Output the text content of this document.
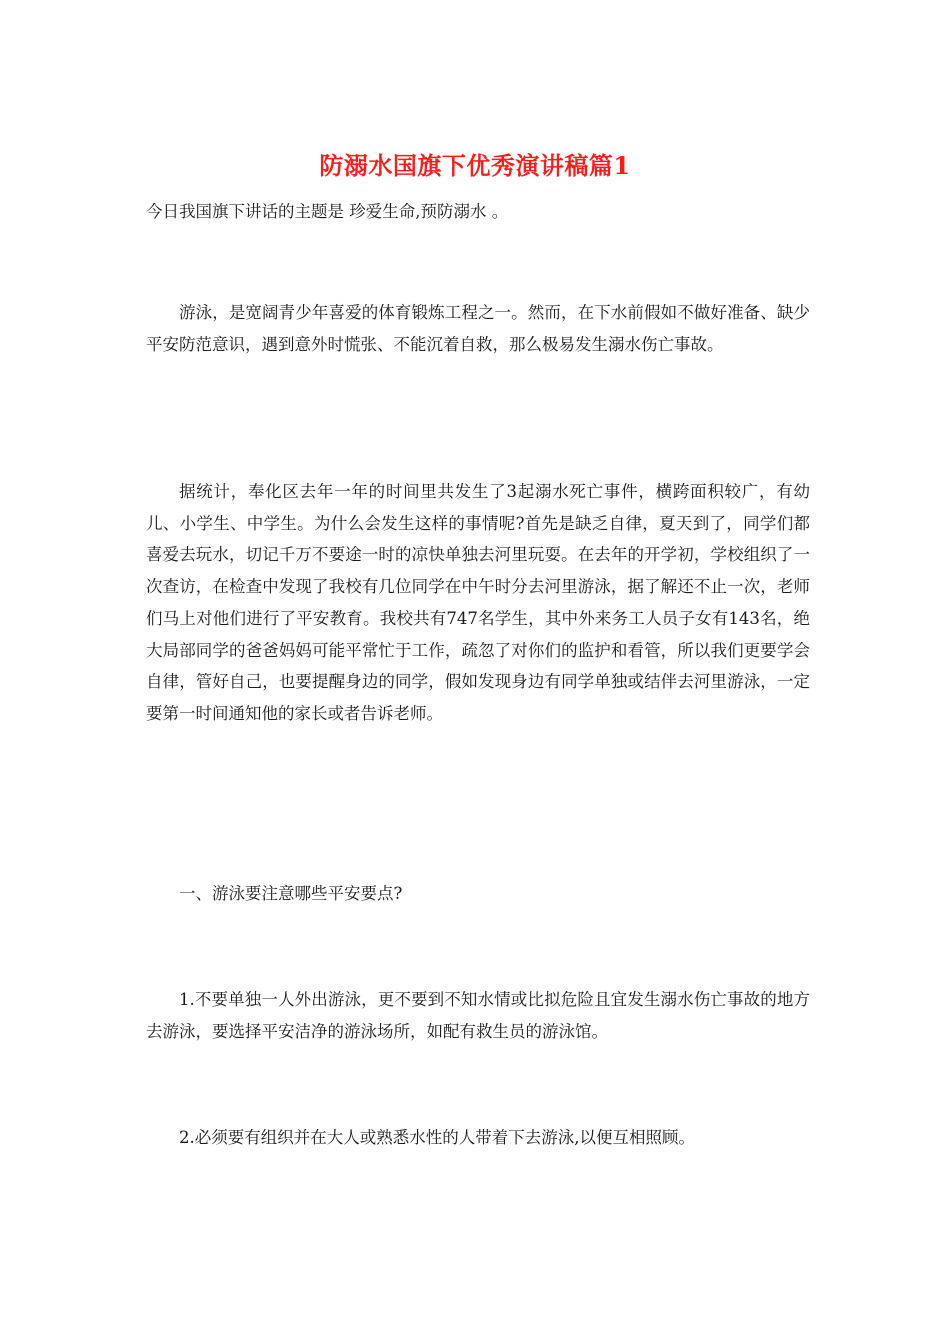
防溺水国旗下优秀演讲稿篇1

今日我国旗下讲话的主题是 珍爱生命,预防溺水 。

游泳，是宽阔青少年喜爱的体育锻炼工程之一。然而，在下水前假如不做好准备、缺少平安防范意识，遇到意外时慌张、不能沉着自救，那么极易发生溺水伤亡事故。

据统计，奉化区去年一年的时间里共发生了3起溺水死亡事件，横跨面积较广，有幼儿、小学生、中学生。为什么会发生这样的事情呢?首先是缺乏自律，夏天到了，同学们都喜爱去玩水，切记千万不要途一时的凉快单独去河里玩耍。在去年的开学初，学校组织了一次查访，在检查中发现了我校有几位同学在中午时分去河里游泳，据了解还不止一次，老师们马上对他们进行了平安教育。我校共有747名学生，其中外来务工人员子女有143名，绝大局部同学的爸爸妈妈可能平常忙于工作，疏忽了对你们的监护和看管，所以我们更要学会自律，管好自己，也要提醒身边的同学，假如发现身边有同学单独或结伴去河里游泳，一定要第一时间通知他的家长或者告诉老师。

一、游泳要注意哪些平安要点?

1.不要单独一人外出游泳，更不要到不知水情或比拟危险且宜发生溺水伤亡事故的地方去游泳，要选择平安洁净的游泳场所，如配有救生员的游泳馆。

2.必须要有组织并在大人或熟悉水性的人带着下去游泳,以便互相照顾。
